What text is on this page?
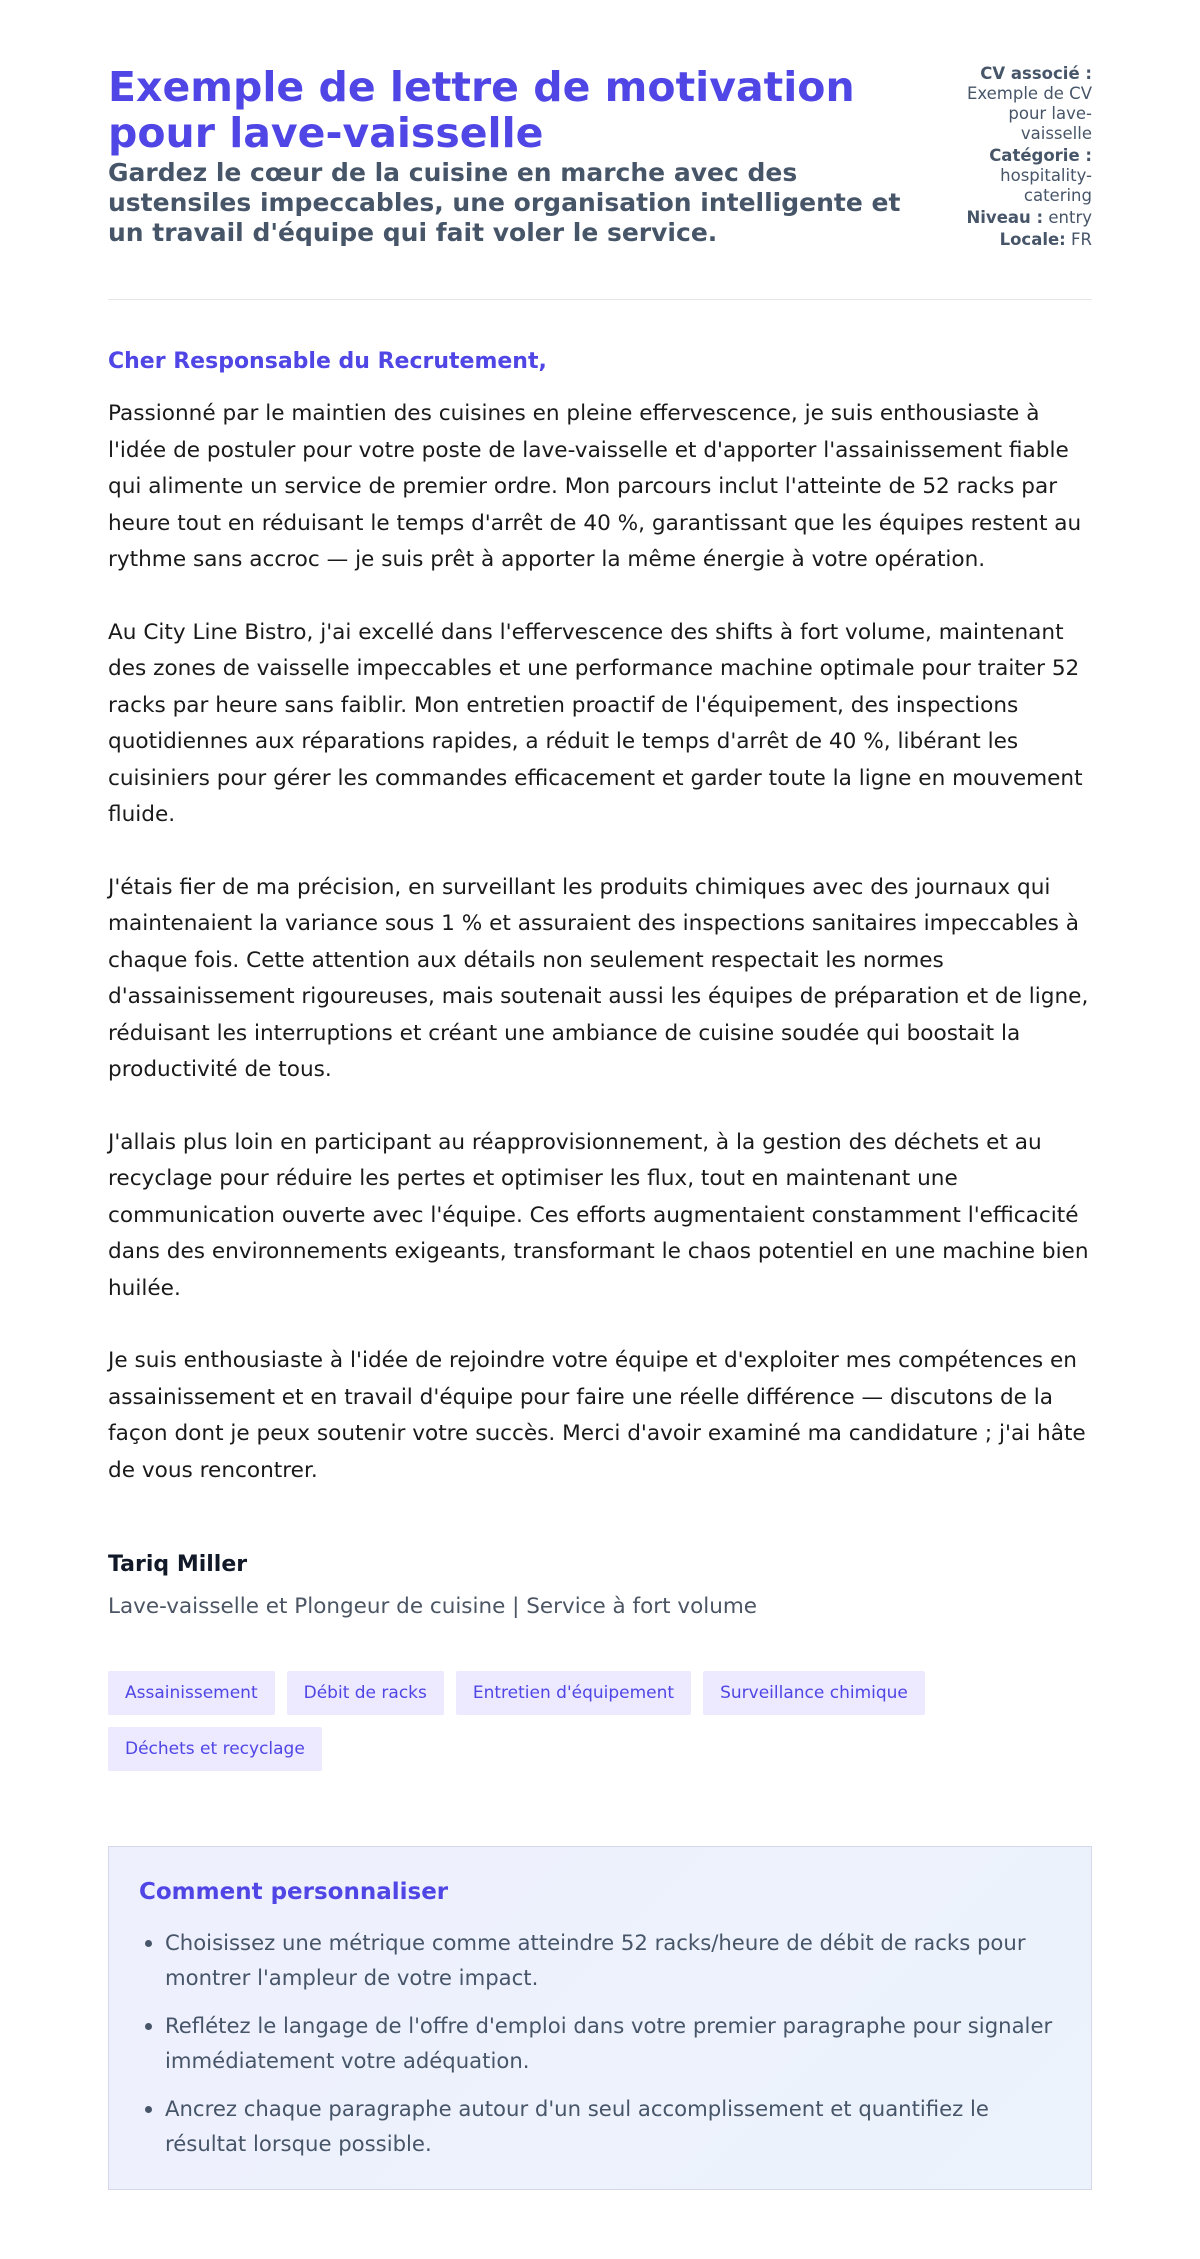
Exemple de lettre de motivation pour lave-vaisselle

Gardez le cœur de la cuisine en marche avec des ustensiles impeccables, une organisation intelligente et un travail d'équipe qui fait voler le service.

CV associé : Exemple de CV pour lave-vaisselle
Catégorie : hospitality-catering
Niveau : entry
Locale: FR
Cher Responsable du Recrutement,

Passionné par le maintien des cuisines en pleine effervescence, je suis enthousiaste à l'idée de postuler pour votre poste de lave-vaisselle et d'apporter l'assainissement fiable qui alimente un service de premier ordre. Mon parcours inclut l'atteinte de 52 racks par heure tout en réduisant le temps d'arrêt de 40 %, garantissant que les équipes restent au rythme sans accroc — je suis prêt à apporter la même énergie à votre opération.

Au City Line Bistro, j'ai excellé dans l'effervescence des shifts à fort volume, maintenant des zones de vaisselle impeccables et une performance machine optimale pour traiter 52 racks par heure sans faiblir. Mon entretien proactif de l'équipement, des inspections quotidiennes aux réparations rapides, a réduit le temps d'arrêt de 40 %, libérant les cuisiniers pour gérer les commandes efficacement et garder toute la ligne en mouvement fluide.

J'étais fier de ma précision, en surveillant les produits chimiques avec des journaux qui maintenaient la variance sous 1 % et assuraient des inspections sanitaires impeccables à chaque fois. Cette attention aux détails non seulement respectait les normes d'assainissement rigoureuses, mais soutenait aussi les équipes de préparation et de ligne, réduisant les interruptions et créant une ambiance de cuisine soudée qui boostait la productivité de tous.

J'allais plus loin en participant au réapprovisionnement, à la gestion des déchets et au recyclage pour réduire les pertes et optimiser les flux, tout en maintenant une communication ouverte avec l'équipe. Ces efforts augmentaient constamment l'efficacité dans des environnements exigeants, transformant le chaos potentiel en une machine bien huilée.

Je suis enthousiaste à l'idée de rejoindre votre équipe et d'exploiter mes compétences en assainissement et en travail d'équipe pour faire une réelle différence — discutons de la façon dont je peux soutenir votre succès. Merci d'avoir examiné ma candidature ; j'ai hâte de vous rencontrer.

Tariq Miller

Lave-vaisselle et Plongeur de cuisine | Service à fort volume

Assainissement	Débit de racks	Entretien d'équipement	Surveillance chimique
Déchets et recyclage
Comment personnaliser
• Choisissez une métrique comme atteindre 52 racks/heure de débit de racks pour montrer l'ampleur de votre impact.
• Reflétez le langage de l'offre d'emploi dans votre premier paragraphe pour signaler immédiatement votre adéquation.
• Ancrez chaque paragraphe autour d'un seul accomplissement et quantifiez le résultat lorsque possible.
